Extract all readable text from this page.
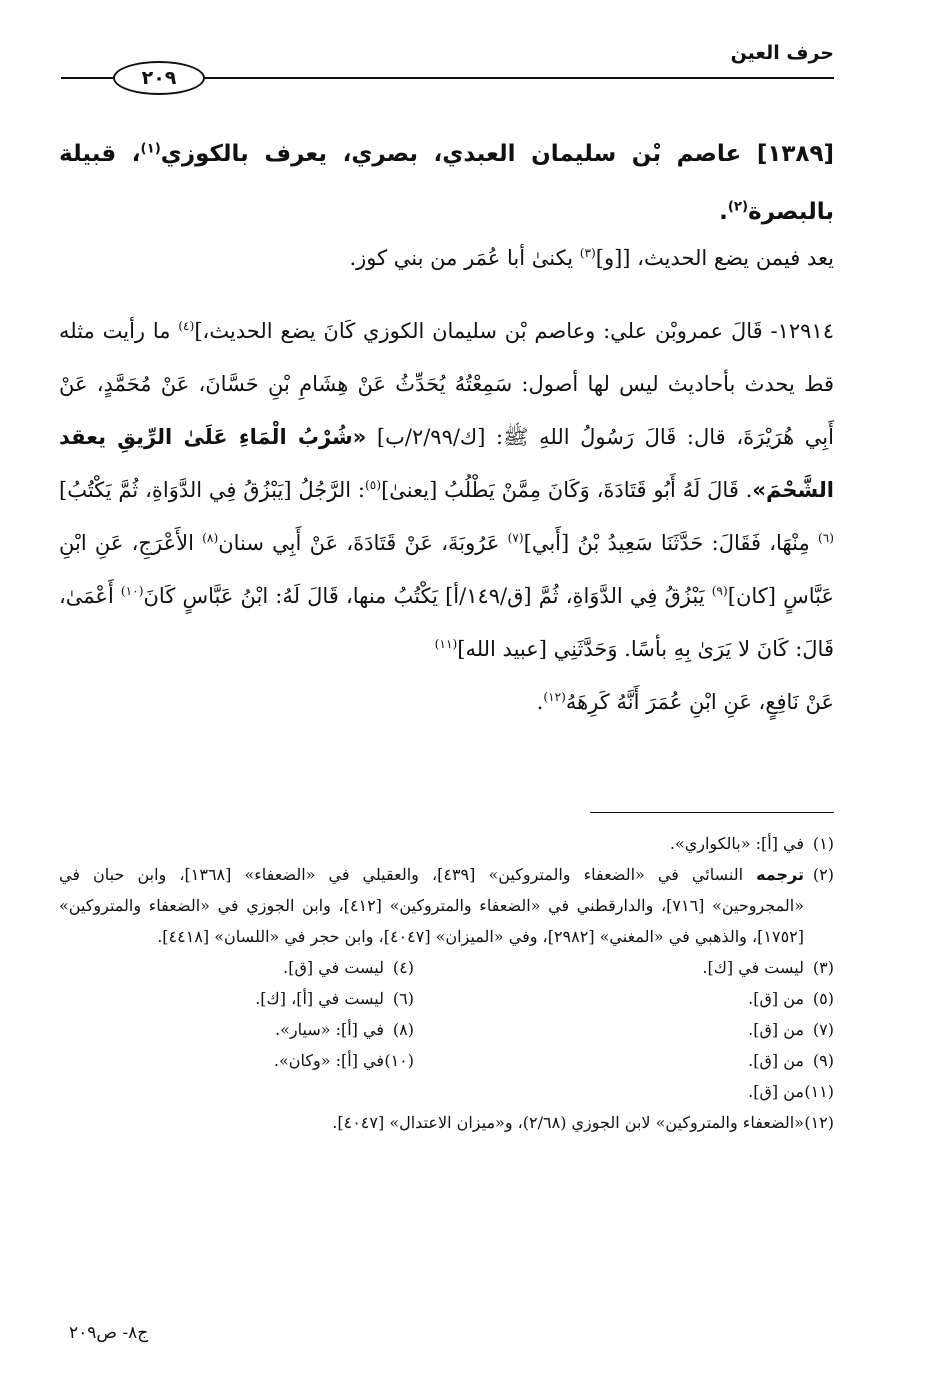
حرف العين
٢٠٩
[١٣٨٩] عاصم بْن سليمان العبدي، بصري، يعرف بالكوزي$^{(١)}$، قبيلة بالبصرة$^{(٢)}$.
يعد فيمن يضع الحديث، [[و]$^{(٣)}$ يكنىٰ أبا عُمَر من بني كوز.
١٢٩١٤- قَالَ عمروبْن علي: وعاصم بْن سليمان الكوزي كَانَ يضع الحديث،]$^{(٤)}$ ما رأيت مثله قط يحدث بأحاديث ليس لها أصول: سَمِعْتُهُ يُحَدِّثُ عَنْ هِشَامِ بْنِ حَسَّانَ، عَنْ مُحَمَّدٍ، عَنْ أَبِي هُرَيْرَةَ، قال: قَالَ رَسُولُ اللهِ ﷺ: [ك/٢/٩٩/ب] «شُرْبُ الْمَاءِ عَلَىٰ الرِّيقِ يعقد الشَّحْمَ». قَالَ لَهُ أَبُو قَتَادَةَ، وَكَانَ مِمَّنْ يَطْلُبُ [يعنىٰ]$^{(٥)}$: الرَّجُلُ [يَبْزُقُ فِي الدَّوَاةِ، ثُمَّ يَكْتُبُ]$^{(٦)}$ مِنْهَا، فَقَالَ: حَدَّثَنَا سَعِيدُ بْنُ [أَبي]$^{(٧)}$ عَرُوبَةَ، عَنْ قَتَادَةَ، عَنْ أَبِي سنان$^{(٨)}$ الأَعْرَجِ، عَنِ ابْنِ عَبَّاسٍ [كان]$^{(٩)}$ يَبْزُقُ فِي الدَّوَاةِ، ثُمَّ [ق/١٤٩/أ] يَكْتُبُ منها، قَالَ لَهُ: ابْنُ عَبَّاسٍ كَانَ$^{(١٠)}$ أَعْمَىٰ، قَالَ: كَانَ لا يَرَىٰ بِهِ بأسًا. وَحَدَّثَنِي [عبيد الله]$^{(١١)}$
عَنْ نَافِعٍ، عَنِ ابْنِ عُمَرَ أَنَّهُ كَرِهَهُ$^{(١٢)}$.
(١)
في [أ]: «بالكواري».
(٢)
ترجمه النسائي في «الضعفاء والمتروكين» [٤٣٩]، والعقيلي في «الضعفاء» [١٣٦٨]، وابن حبان في «المجروحين» [٧١٦]، والدارقطني في «الضعفاء والمتروكين» [٤١٢]، وابن الجوزي في «الضعفاء والمتروكين» [١٧٥٢]، والذهبي في «المغني» [٢٩٨٢]، وفي «الميزان» [٤٠٤٧]، وابن حجر في «اللسان» [٤٤١٨].
(٣)
ليست في [ك].
(٤)
ليست في [ق].
(٥)
من [ق].
(٦)
ليست في [أ]، [ك].
(٧)
من [ق].
(٨)
في [أ]: «سيار».
(٩)
من [ق].
(١٠)
في [أ]: «وكان».
(١١)
من [ق].
(١٢)
«الضعفاء والمتروكين» لابن الجوزي (٢/٦٨)، و«ميزان الاعتدال» [٤٠٤٧].
ج٨- ص٢٠٩
